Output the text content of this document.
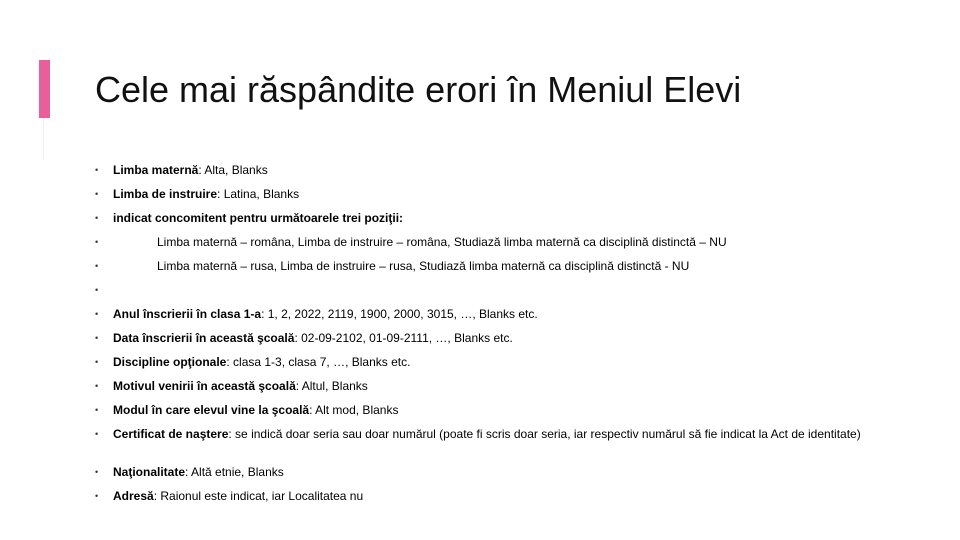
Cele mai răspândite erori în Meniul Elevi
•	Limba maternă: Alta, Blanks
•	Limba de instruire: Latina, Blanks
•	indicat concomitent pentru următoarele trei poziţii:
•	Limba maternă – româna, Limba de instruire – româna, Studiază limba maternă ca disciplină distinctă – NU
•	Limba maternă – rusa, Limba de instruire – rusa, Studiază limba maternă ca disciplină distinctă - NU
•
•	Anul înscrierii în clasa 1-a: 1, 2, 2022, 2119, 1900, 2000, 3015, …, Blanks etc.
•	Data înscrierii în această şcoală: 02-09-2102, 01-09-2111, …, Blanks etc.
•	Discipline opţionale: clasa 1-3, clasa 7, …, Blanks etc.
•	Motivul venirii în această şcoală: Altul, Blanks
•	Modul în care elevul vine la şcoală: Alt mod, Blanks
•	Certificat de naştere: se indică doar seria sau doar numărul (poate fi scris doar seria, iar respectiv numărul să fie indicat la Act de identitate)
•	Naţionalitate: Altă etnie, Blanks
•	Adresă: Raionul este indicat, iar Localitatea nu
